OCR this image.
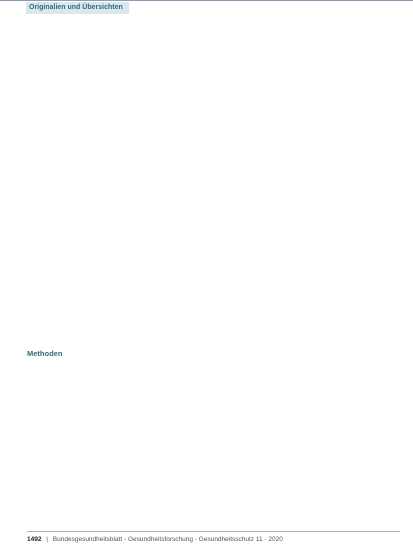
Originalien und Übersichten
Methoden
1492 | Bundesgesundheitsblatt - Gesundheitsforschung - Gesundheitsschutz 11 · 2020
